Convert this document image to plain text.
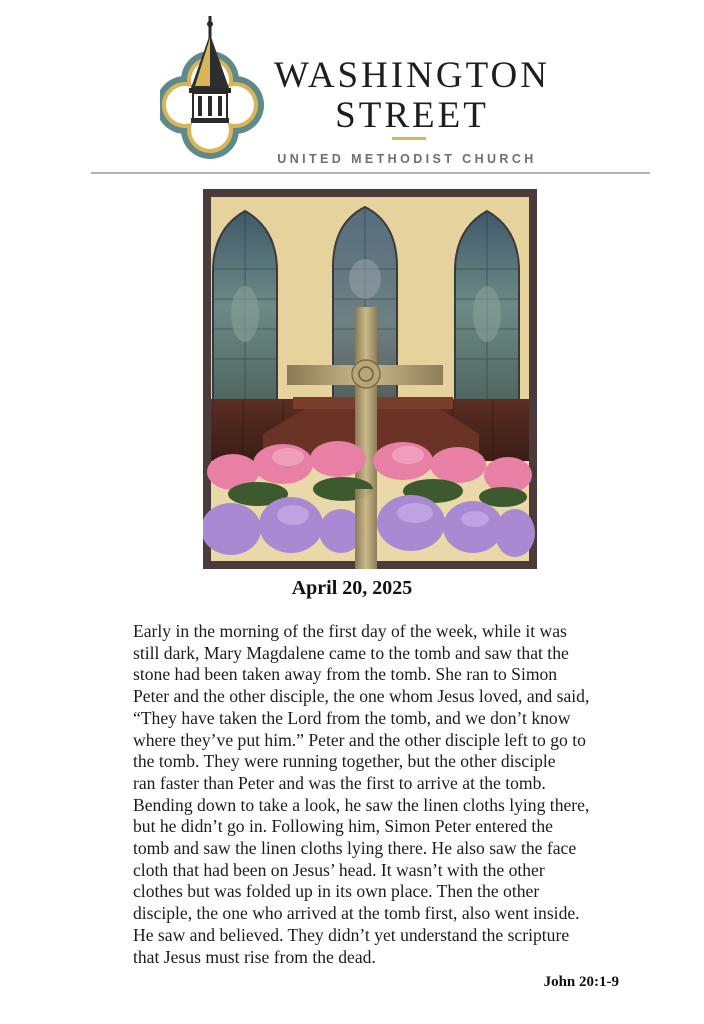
WASHINGTON
STREET
UNITED METHODIST CHURCH
April 20, 2025
Early in the morning of the first day of the week, while it was
still dark, Mary Magdalene came to the tomb and saw that the
stone had been taken away from the tomb. She ran to Simon
Peter and the other disciple, the one whom Jesus loved, and said,
“They have taken the Lord from the tomb, and we don’t know
where they’ve put him.” Peter and the other disciple left to go to
the tomb. They were running together, but the other disciple
ran faster than Peter and was the first to arrive at the tomb.
Bending down to take a look, he saw the linen cloths lying there,
but he didn’t go in. Following him, Simon Peter entered the
tomb and saw the linen cloths lying there. He also saw the face
cloth that had been on Jesus’ head. It wasn’t with the other
clothes but was folded up in its own place. Then the other
disciple, the one who arrived at the tomb first, also went inside.
He saw and believed. They didn’t yet understand the scripture
that Jesus must rise from the dead.
John 20:1-9
